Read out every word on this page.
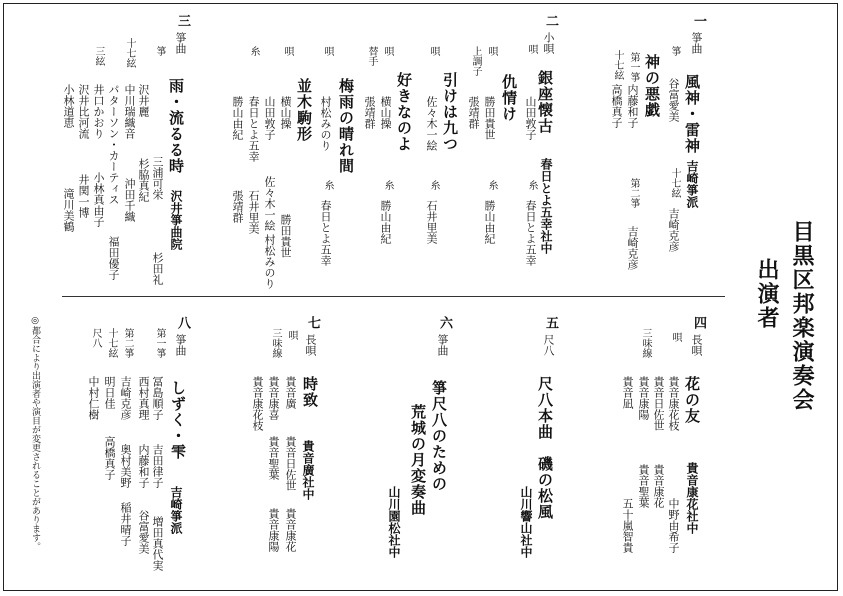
目黒区邦楽演奏会
出演者
一
箏曲
風神・雷神
吉崎箏派
箏
谷富愛美
十七絃
吉崎克彦
神の悪戯
第一箏
内藤和子
第二箏
吉崎克彦
十七絃
高橋真子
二
小唄
銀座懐古
春日とよ五幸社中
唄
山田敦子
糸
春日とよ五幸
仇情け
唄
勝田貴世
上調子
張靖群
糸
勝山由紀
引けは九つ
唄
佐々木一絵
糸
石井里美
好きなのよ
唄
横山操
替手
張靖群
糸
勝山由紀
梅雨の晴れ間
唄
村松みのり
糸
春日とよ五幸
並木駒形
唄
横山操
山田敦子
春日とよ五幸
勝田貴世
佐々木一絵
石井里美
村松みのり
糸
勝山由紀
張靖群
三
箏曲
雨・流るる時
沢井箏曲院
箏
三浦可栄
杉田礼
沢井麗
杉脇真紀
中川瑞織音
沖田千織
十七絃
パターソン・カーティス
福田優子
井口かおり
小林真由子
三絃
沢井比河流
井関一博
小林道恵
滝川美鶴
四
長唄
花の友
貴音康花社中
唄
貴音康花枝
中野由希子
貴音日佐世
貴音康花
三味線
貴音康陽
貴音聖葉
貴音凪
五十嵐智貴
五
尺八
尺八本曲　磯の松風
山川響山社中
六
箏曲
箏尺八のための
荒城の月変奏曲
山川園松社中
七
長唄
時致
貴音廣社中
唄
貴音廣
貴音日佐世
貴音康花
三味線
貴音康喜
貴音聖葉
貴音康陽
貴音康花枝
八
箏曲
しずく・雫
吉崎箏派
第一箏
冨島順子
吉田律子
増田真代実
西村真理
内藤和子
谷富愛美
第二箏
吉崎克彦
奥村美野
稲井晴子
十七絃
明日佳
高橋真子
尺八
中村仁樹
◎都合により出演者や演目が変更されることがあります。
